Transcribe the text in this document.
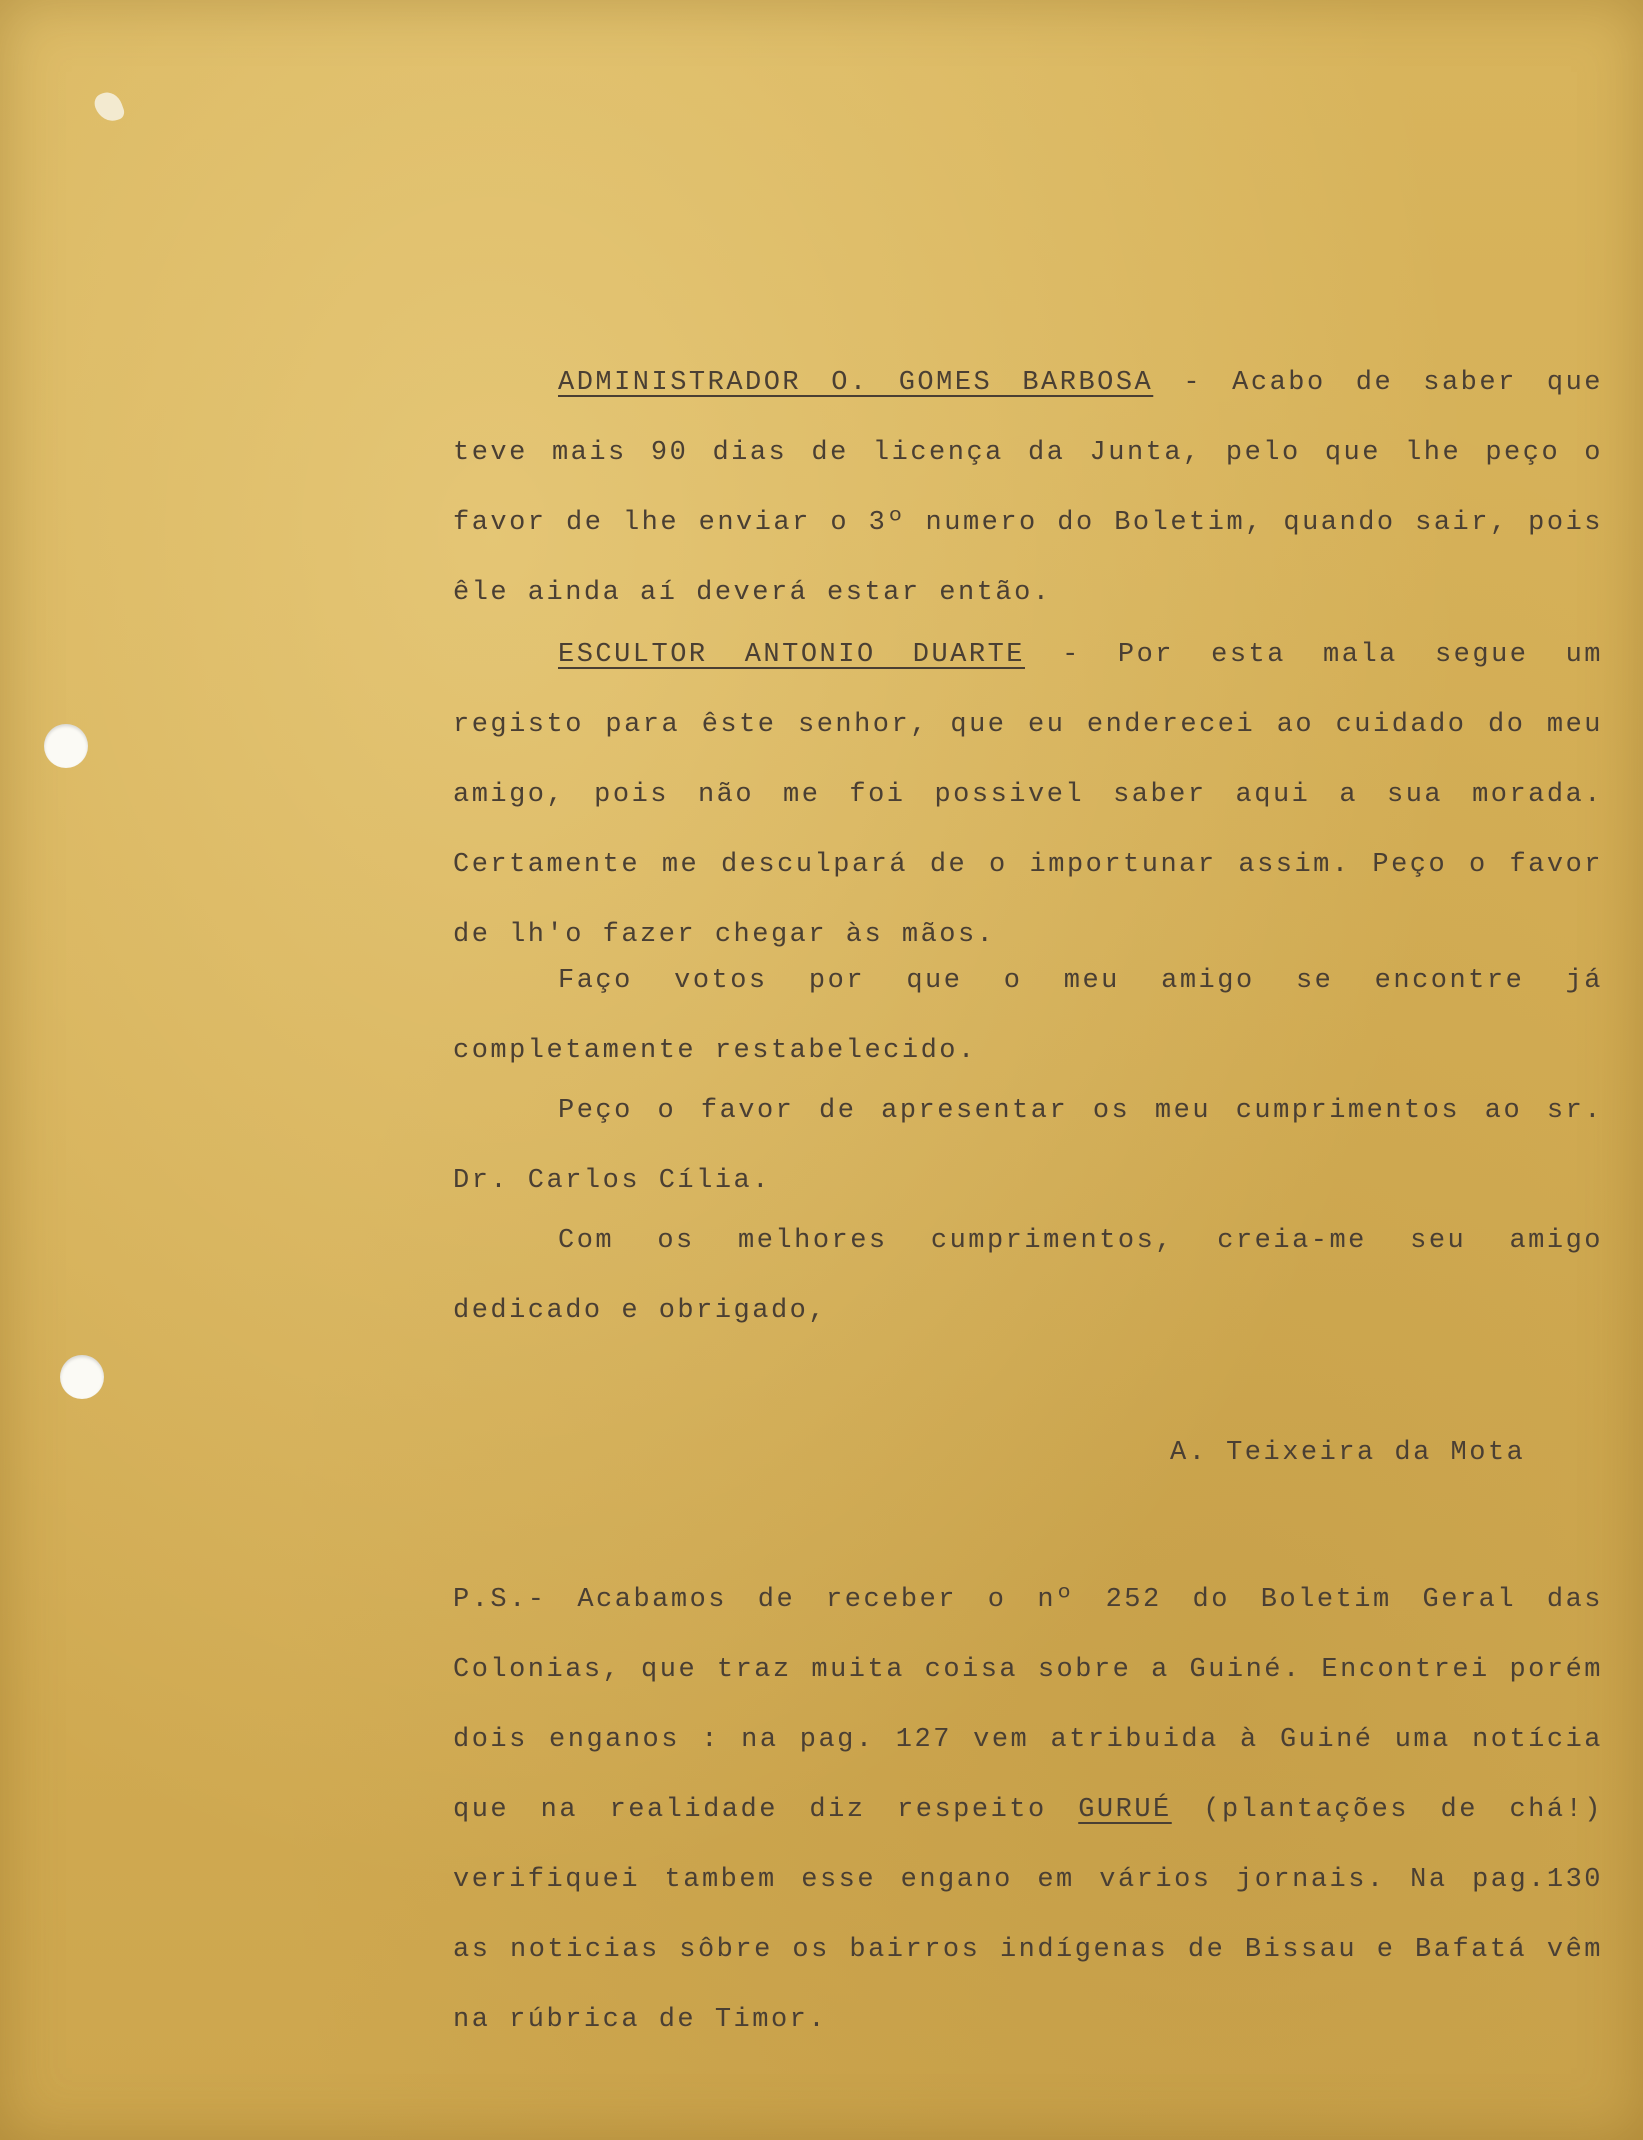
ADMINISTRADOR O. GOMES BARBOSA - Acabo de saber que teve mais 90 dias de licença da Junta, pelo que lhe peço o favor de lhe enviar o 3º numero do Boletim, quando sair, pois êle ainda aí deverá estar então.

ESCULTOR ANTONIO DUARTE - Por esta mala segue um registo para êste senhor, que eu enderecei ao cuidado do meu amigo, pois não me foi possivel saber aqui a sua morada. Certamente me desculpará de o importunar assim. Peço o favor de lh'o fazer chegar às mãos.

Faço votos por que o meu amigo se encontre já completamente restabelecido.

Peço o favor de apresentar os meu cumprimentos ao sr. Dr. Carlos Cília.

Com os melhores cumprimentos, creia-me seu amigo dedicado e obrigado,

A. Teixeira da Mota

P.S.- Acabamos de receber o nº 252 do Boletim Geral das Colonias, que traz muita coisa sobre a Guiné. Encontrei porém dois enganos : na pag. 127 vem atribuida à Guiné uma notícia que na realidade diz respeito GURUÉ (plantações de chá!) verifiquei tambem esse engano em vários jornais. Na pag.130 as noticias sôbre os bairros indígenas de Bissau e Bafatá vêm na rúbrica de Timor.
